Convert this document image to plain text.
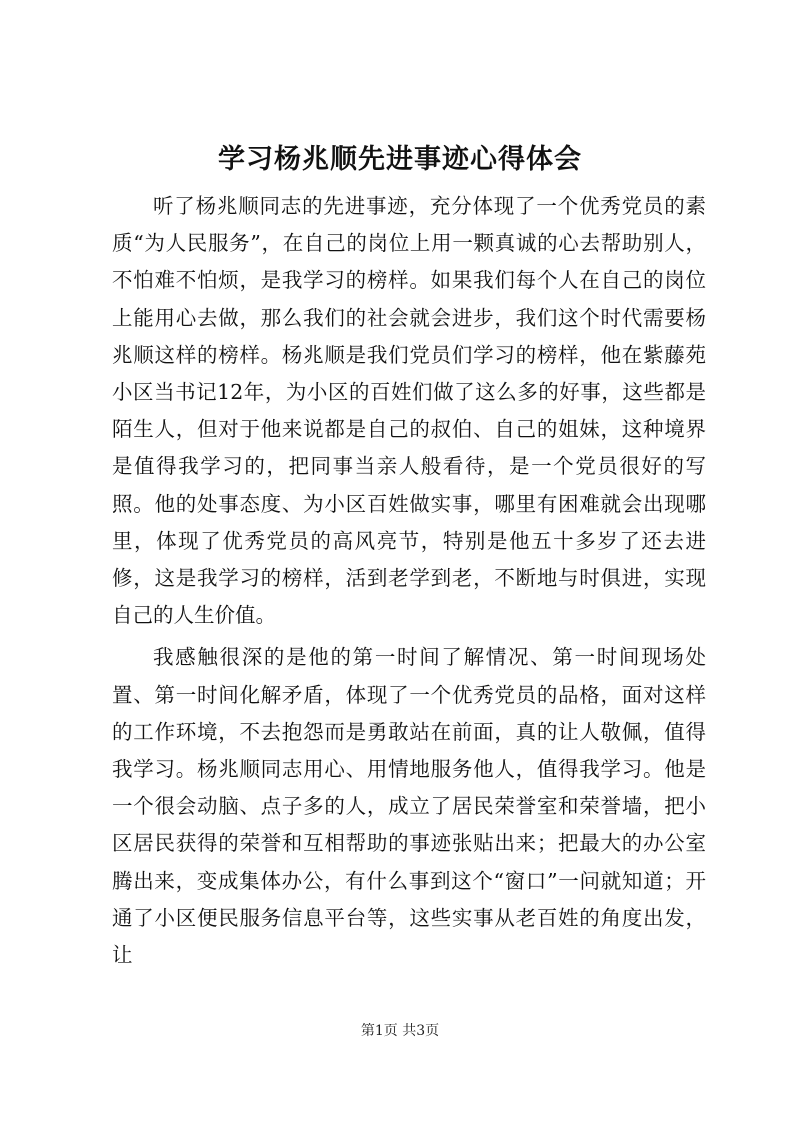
学习杨兆顺先进事迹心得体会

听了杨兆顺同志的先进事迹，充分体现了一个优秀党员的素质“为人民服务”，在自己的岗位上用一颗真诚的心去帮助别人，不怕难不怕烦，是我学习的榜样。如果我们每个人在自己的岗位上能用心去做，那么我们的社会就会进步，我们这个时代需要杨兆顺这样的榜样。杨兆顺是我们党员们学习的榜样，他在紫藤苑小区当书记12年，为小区的百姓们做了这么多的好事，这些都是陌生人，但对于他来说都是自己的叔伯、自己的姐妹，这种境界是值得我学习的，把同事当亲人般看待，是一个党员很好的写照。他的处事态度、为小区百姓做实事，哪里有困难就会出现哪里，体现了优秀党员的高风亮节，特别是他五十多岁了还去进修，这是我学习的榜样，活到老学到老，不断地与时俱进，实现自己的人生价值。

我感触很深的是他的第一时间了解情况、第一时间现场处置、第一时间化解矛盾，体现了一个优秀党员的品格，面对这样的工作环境，不去抱怨而是勇敢站在前面，真的让人敬佩，值得我学习。杨兆顺同志用心、用情地服务他人，值得我学习。他是一个很会动脑、点子多的人，成立了居民荣誉室和荣誉墙，把小区居民获得的荣誉和互相帮助的事迹张贴出来；把最大的办公室腾出来，变成集体办公，有什么事到这个“窗口”一问就知道；开通了小区便民服务信息平台等，这些实事从老百姓的角度出发，让

第1页 共3页
